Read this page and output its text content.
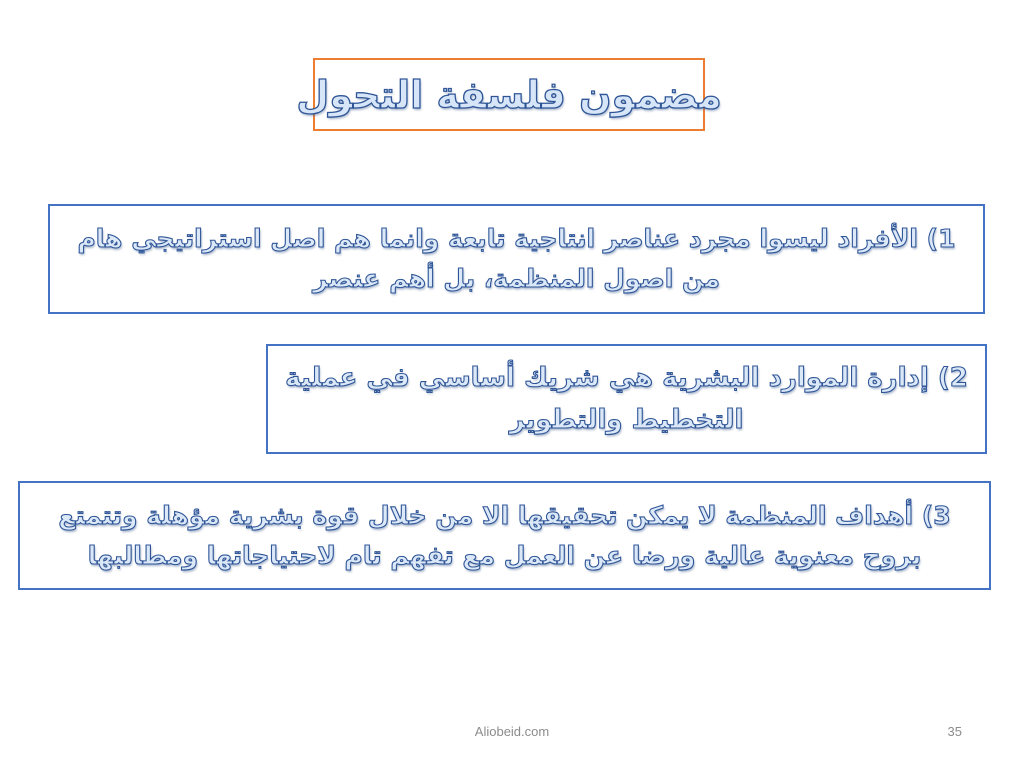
مضمون فلسفة التحول

1) الأفراد ليسوا مجرد عناصر انتاجية تابعة وانما هم اصل استراتيجي هام من اصول المنظمة، بل أهم عنصر

2) إدارة الموارد البشرية هي شريك أساسي في عملية التخطيط والتطوير

3) أهداف المنظمة لا يمكن تحقيقها الا من خلال قوة بشرية مؤهلة وتتمتع بروح معنوية عالية ورضا عن العمل مع تفهم تام لاحتياجاتها ومطالبها

Aliobeid.com	35
